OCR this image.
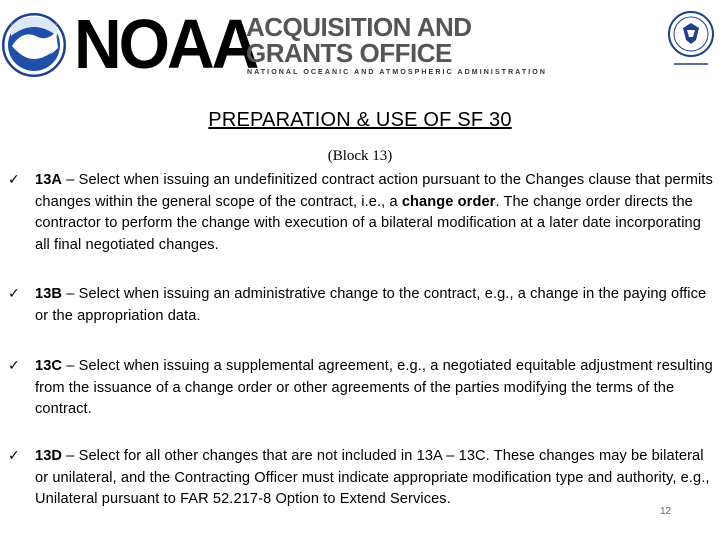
NOAA
ACQUISITION AND
GRANTS OFFICE
NATIONAL OCEANIC AND ATMOSPHERIC ADMINISTRATION
PREPARATION & USE OF SF 30
(Block 13)
✓ 13A – Select when issuing an undefinitized contract action pursuant to the Changes clause that permits changes within the general scope of the contract, i.e., a change order. The change order directs the contractor to perform the change with execution of a bilateral modification at a later date incorporating all final negotiated changes.
✓ 13B – Select when issuing an administrative change to the contract, e.g., a change in the paying office or the appropriation data.
✓ 13C – Select when issuing a supplemental agreement, e.g., a negotiated equitable adjustment resulting from the issuance of a change order or other agreements of the parties modifying the terms of the contract.
✓ 13D – Select for all other changes that are not included in 13A – 13C. These changes may be bilateral or unilateral, and the Contracting Officer must indicate appropriate modification type and authority, e.g., Unilateral pursuant to FAR 52.217-8 Option to Extend Services.
12
